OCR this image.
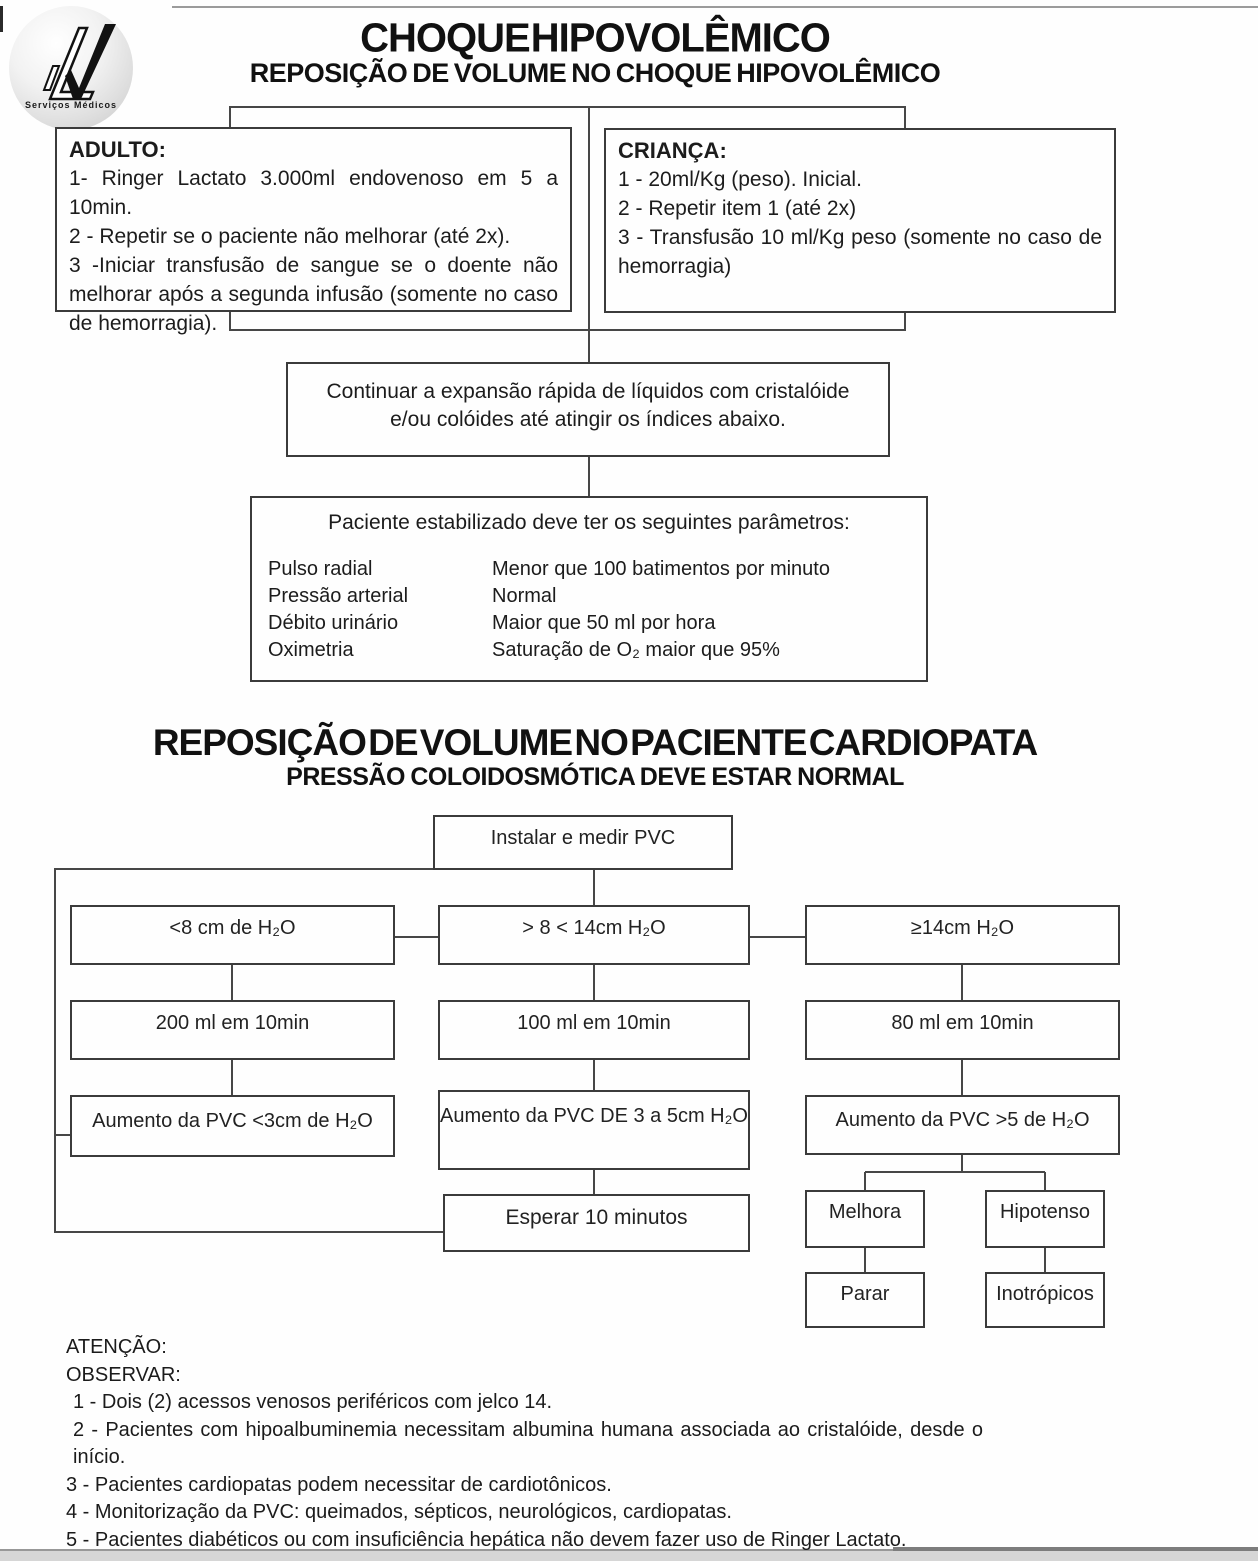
Serviços Médicos
CHOQUE HIPOVOLÊMICO
REPOSIÇÃO DE VOLUME NO CHOQUE HIPOVOLÊMICO
ADULTO:
1- Ringer Lactato 3.000ml endovenoso em 5 a 10min.
2 - Repetir se o paciente não melhorar (até 2x).
3 -Iniciar transfusão de sangue se o doente não melhorar após a segunda infusão (somente no caso de hemorragia).
CRIANÇA:
1 - 20ml/Kg (peso). Inicial.
2 - Repetir item 1 (até 2x)
3 - Transfusão 10 ml/Kg peso (somente no caso de hemorragia)
Continuar a expansão rápida de líquidos com cristalóide e/ou colóides até atingir os índices abaixo.
Paciente estabilizado deve ter os seguintes parâmetros:
Pulso radial	Menor que 100 batimentos por minuto
Pressão arterial	Normal
Débito urinário	Maior que 50 ml por hora
Oximetria	Saturação de O₂ maior que 95%
REPOSIÇÃO DE VOLUME NO PACIENTE CARDIOPATA
PRESSÃO COLOIDOSMÓTICA DEVE ESTAR NORMAL
Instalar e medir PVC
<8 cm de H₂O	> 8 < 14cm H₂O	≥14cm H₂O
200 ml em 10min	100 ml em 10min	80 ml em 10min
Aumento da PVC <3cm de H₂O	Aumento da PVC DE 3 a 5cm H₂O	Aumento da PVC >5 de H₂O
Esperar 10 minutos	Melhora	Hipotenso
Parar	Inotrópicos
ATENÇÃO:
OBSERVAR:
1 - Dois (2) acessos venosos periféricos com jelco 14.
2 - Pacientes com hipoalbuminemia necessitam albumina humana associada ao cristalóide, desde o início.
3 - Pacientes cardiopatas podem necessitar de cardiotônicos.
4 - Monitorização da PVC: queimados, sépticos, neurológicos, cardiopatas.
5 - Pacientes diabéticos ou com insuficiência hepática não devem fazer uso de Ringer Lactato.
